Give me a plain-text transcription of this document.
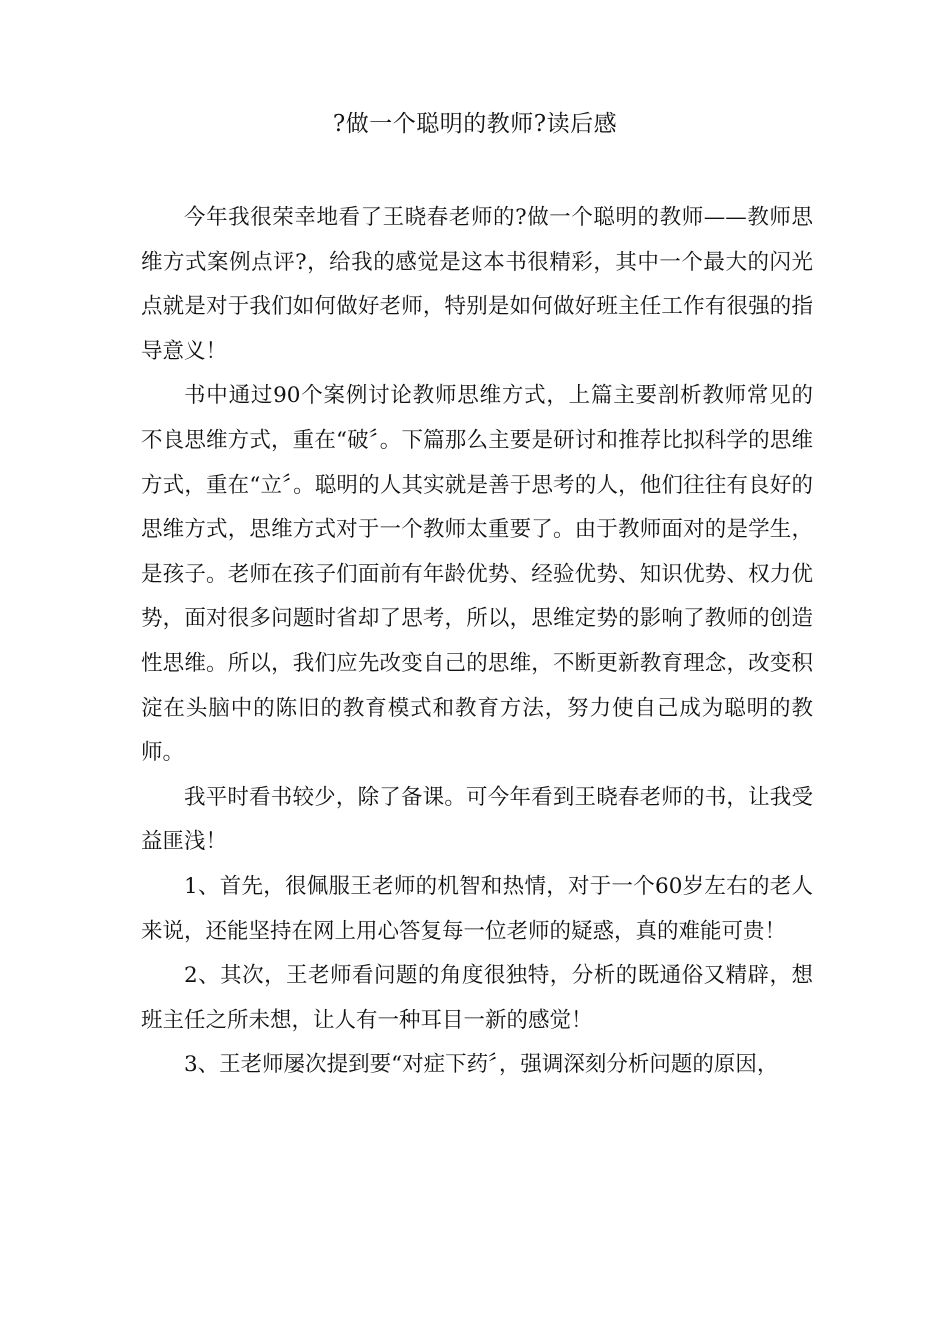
?做一个聪明的教师?读后感

今年我很荣幸地看了王晓春老师的?做一个聪明的教师——教师思维方式案例点评?，给我的感觉是这本书很精彩，其中一个最大的闪光点就是对于我们如何做好老师，特别是如何做好班主任工作有很强的指导意义！

书中通过90个案例讨论教师思维方式，上篇主要剖析教师常见的不良思维方式，重在“破〞。下篇那么主要是研讨和推荐比拟科学的思维方式，重在“立〞。聪明的人其实就是善于思考的人，他们往往有良好的思维方式，思维方式对于一个教师太重要了。由于教师面对的是学生，是孩子。老师在孩子们面前有年龄优势、经验优势、知识优势、权力优势，面对很多问题时省却了思考，所以，思维定势的影响了教师的创造性思维。所以，我们应先改变自己的思维，不断更新教育理念，改变积淀在头脑中的陈旧的教育模式和教育方法，努力使自己成为聪明的教师。

我平时看书较少，除了备课。可今年看到王晓春老师的书，让我受益匪浅！

1、首先，很佩服王老师的机智和热情，对于一个60岁左右的老人来说，还能坚持在网上用心答复每一位老师的疑惑，真的难能可贵！

2、其次，王老师看问题的角度很独特，分析的既通俗又精辟，想班主任之所未想，让人有一种耳目一新的感觉！

3、王老师屡次提到要“对症下药〞，强调深刻分析问题的原因，
